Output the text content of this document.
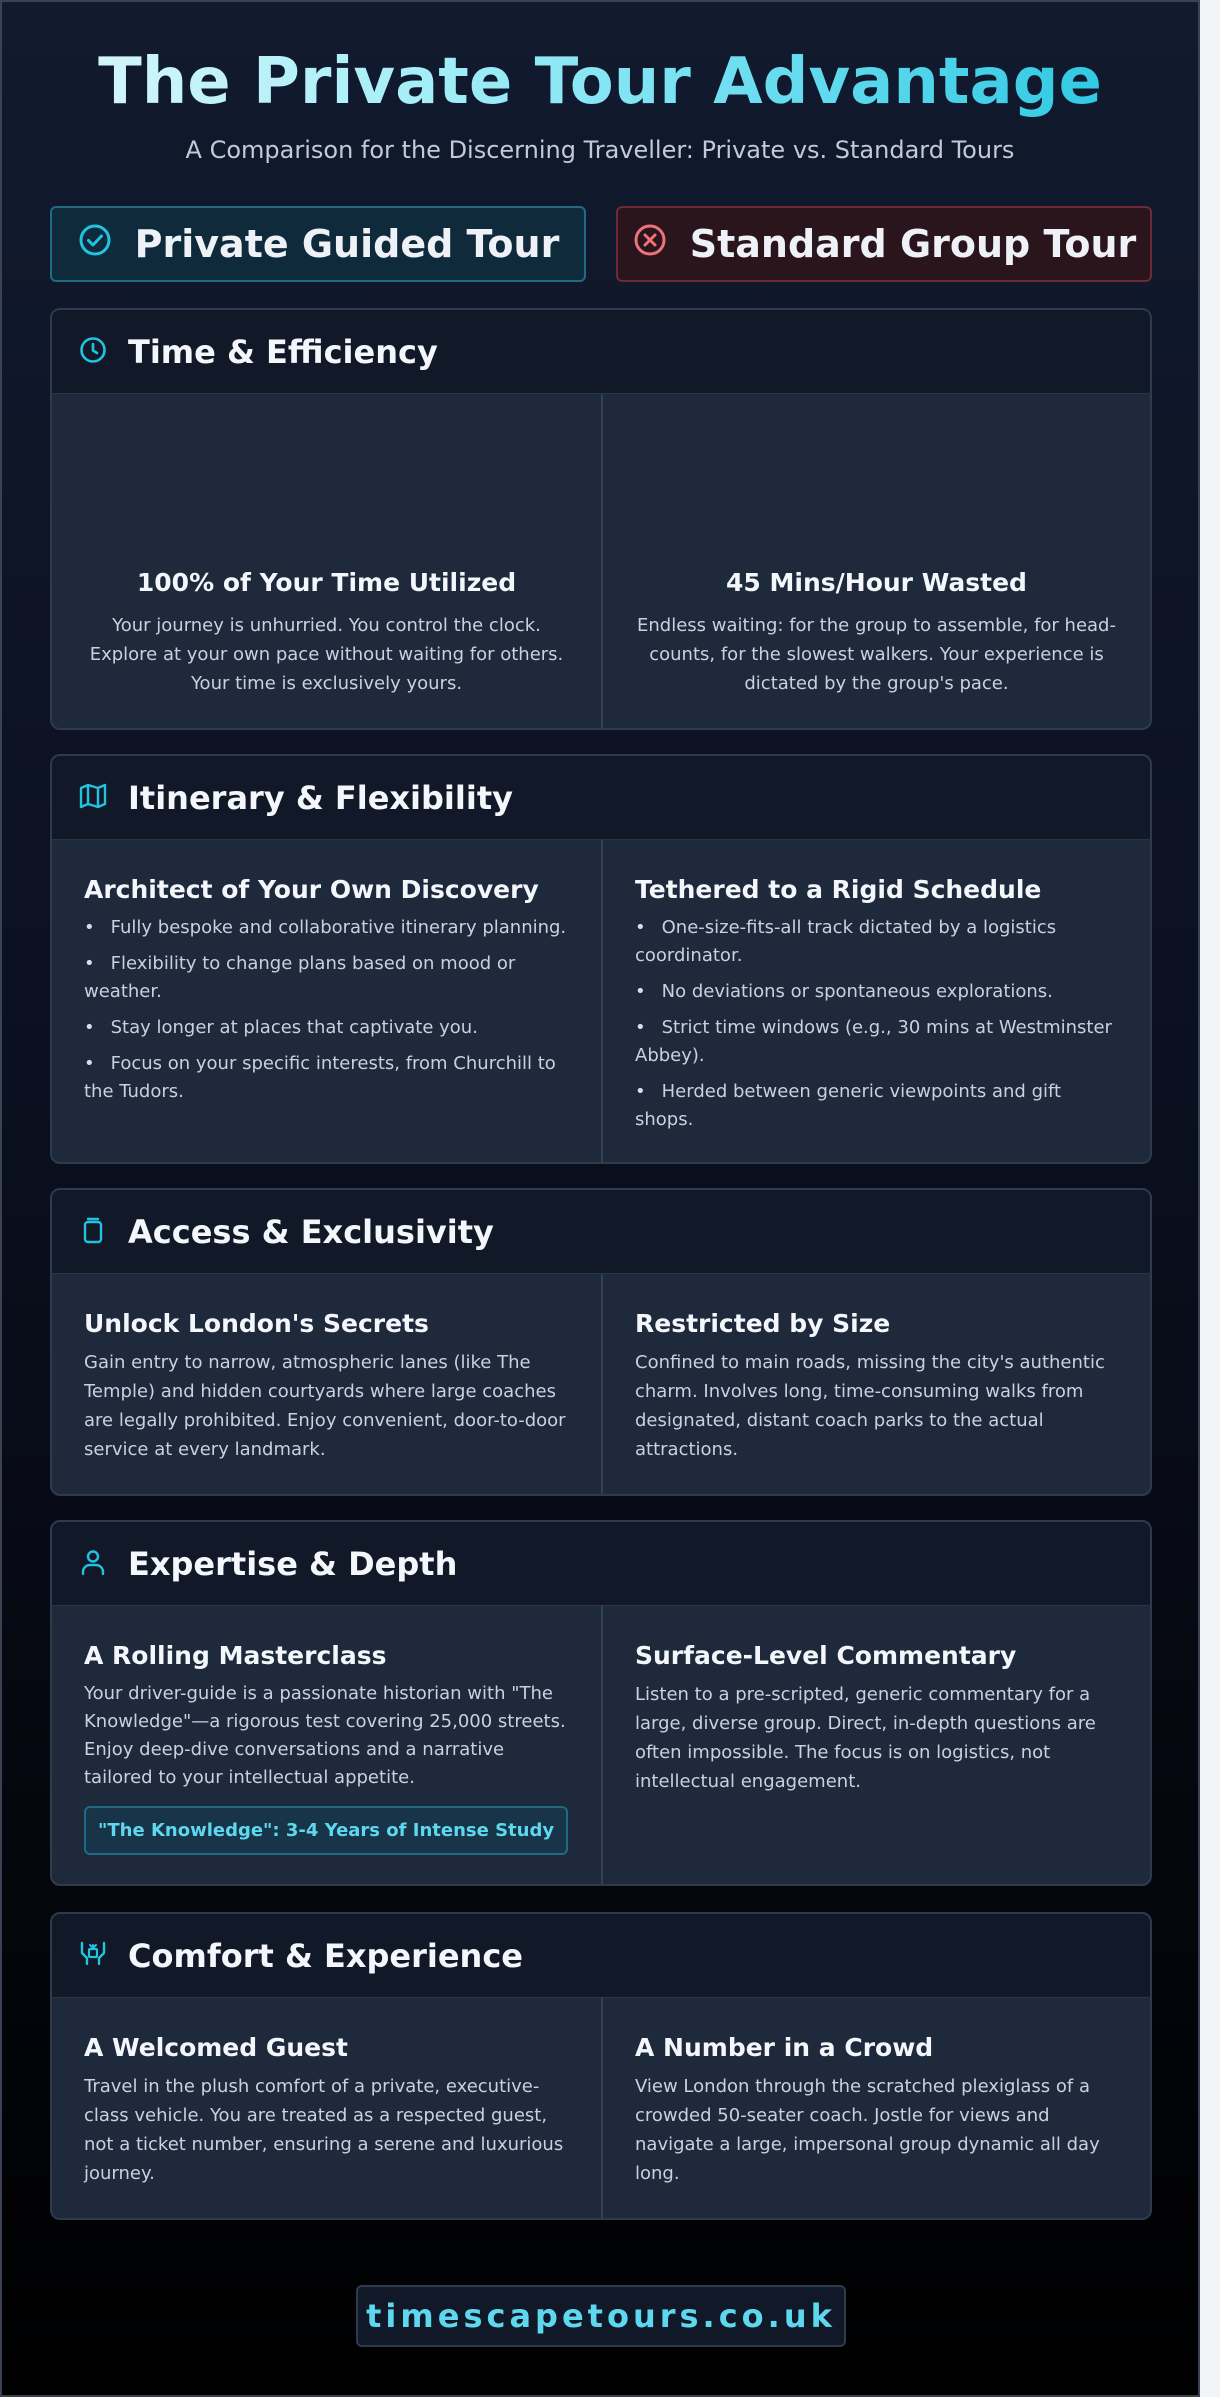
The Private Tour Advantage

A Comparison for the Discerning Traveller: Private vs. Standard Tours

Private Guided Tour	Standard Group Tour
Time & Efficiency
100% of Your Time Utilized
Your journey is unhurried. You control the clock. Explore at your own pace without waiting for others. Your time is exclusively yours.
45 Mins/Hour Wasted
Endless waiting: for the group to assemble, for head-counts, for the slowest walkers. Your experience is dictated by the group's pace.
Itinerary & Flexibility
Architect of Your Own Discovery
• Fully bespoke and collaborative itinerary planning.
• Flexibility to change plans based on mood or weather.
• Stay longer at places that captivate you.
• Focus on your specific interests, from Churchill to the Tudors.
Tethered to a Rigid Schedule
• One-size-fits-all track dictated by a logistics coordinator.
• No deviations or spontaneous explorations.
• Strict time windows (e.g., 30 mins at Westminster Abbey).
• Herded between generic viewpoints and gift shops.
Access & Exclusivity
Unlock London's Secrets
Gain entry to narrow, atmospheric lanes (like The Temple) and hidden courtyards where large coaches are legally prohibited. Enjoy convenient, door-to-door service at every landmark.
Restricted by Size
Confined to main roads, missing the city's authentic charm. Involves long, time-consuming walks from designated, distant coach parks to the actual attractions.
Expertise & Depth
A Rolling Masterclass
Your driver-guide is a passionate historian with "The Knowledge"—a rigorous test covering 25,000 streets. Enjoy deep-dive conversations and a narrative tailored to your intellectual appetite.
"The Knowledge": 3-4 Years of Intense Study
Surface-Level Commentary
Listen to a pre-scripted, generic commentary for a large, diverse group. Direct, in-depth questions are often impossible. The focus is on logistics, not intellectual engagement.
Comfort & Experience
A Welcomed Guest
Travel in the plush comfort of a private, executive-class vehicle. You are treated as a respected guest, not a ticket number, ensuring a serene and luxurious journey.
A Number in a Crowd
View London through the scratched plexiglass of a crowded 50-seater coach. Jostle for views and navigate a large, impersonal group dynamic all day long.
timescapetours.co.uk
